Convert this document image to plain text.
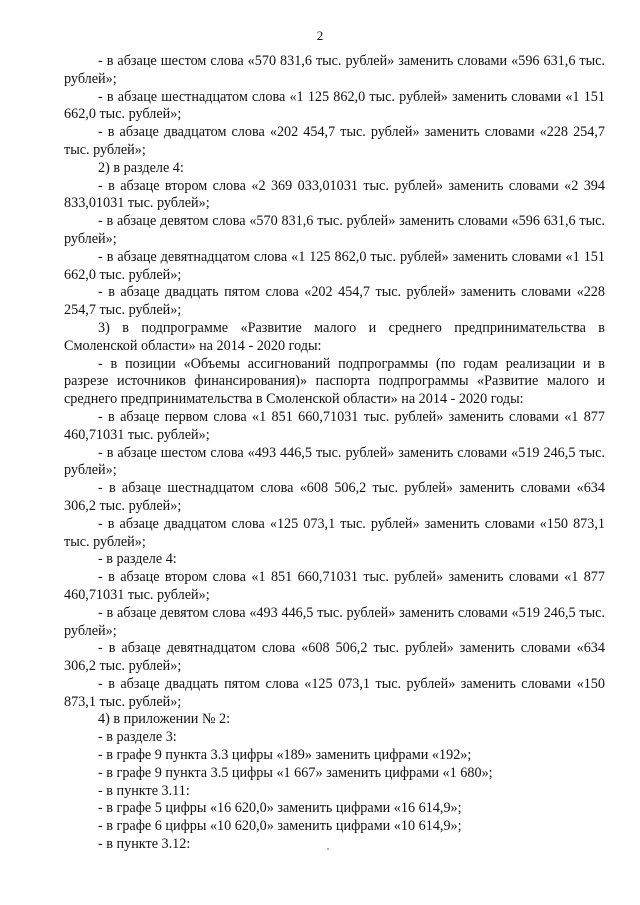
2

- в абзаце шестом слова «570 831,6 тыс. рублей» заменить словами «596 631,6 тыс. рублей»;

- в абзаце шестнадцатом слова «1 125 862,0 тыс. рублей» заменить словами «1 151 662,0 тыс. рублей»;

- в абзаце двадцатом слова «202 454,7 тыс. рублей» заменить словами «228 254,7 тыс. рублей»;

2) в разделе 4:

- в абзаце втором слова «2 369 033,01031 тыс. рублей» заменить словами «2 394 833,01031 тыс. рублей»;

- в абзаце девятом слова «570 831,6 тыс. рублей» заменить словами «596 631,6 тыс. рублей»;

- в абзаце девятнадцатом слова «1 125 862,0 тыс. рублей» заменить словами «1 151 662,0 тыс. рублей»;

- в абзаце двадцать пятом слова «202 454,7 тыс. рублей» заменить словами «228 254,7 тыс. рублей»;

3) в подпрограмме «Развитие малого и среднего предпринимательства в Смоленской области» на 2014 - 2020 годы:

- в позиции «Объемы ассигнований подпрограммы (по годам реализации и в разрезе источников финансирования)» паспорта подпрограммы «Развитие малого и среднего предпринимательства в Смоленской области» на 2014 - 2020 годы:

- в абзаце первом слова «1 851 660,71031 тыс. рублей» заменить словами «1 877 460,71031 тыс. рублей»;

- в абзаце шестом слова «493 446,5 тыс. рублей» заменить словами «519 246,5 тыс. рублей»;

- в абзаце шестнадцатом слова «608 506,2 тыс. рублей» заменить словами «634 306,2 тыс. рублей»;

- в абзаце двадцатом слова «125 073,1 тыс. рублей» заменить словами «150 873,1 тыс. рублей»;

- в разделе 4:

- в абзаце втором слова «1 851 660,71031 тыс. рублей» заменить словами «1 877 460,71031 тыс. рублей»;

- в абзаце девятом слова «493 446,5 тыс. рублей» заменить словами «519 246,5 тыс. рублей»;

- в абзаце девятнадцатом слова «608 506,2 тыс. рублей» заменить словами «634 306,2 тыс. рублей»;

- в абзаце двадцать пятом слова «125 073,1 тыс. рублей» заменить словами «150 873,1 тыс. рублей»;

4) в приложении № 2:

- в разделе 3:

- в графе 9 пункта 3.3 цифры «189» заменить цифрами «192»;

- в графе 9 пункта 3.5 цифры «1 667» заменить цифрами «1 680»;

- в пункте 3.11:

- в графе 5 цифры «16 620,0» заменить цифрами «16 614,9»;

- в графе 6 цифры «10 620,0» заменить цифрами «10 614,9»;

- в пункте 3.12:
